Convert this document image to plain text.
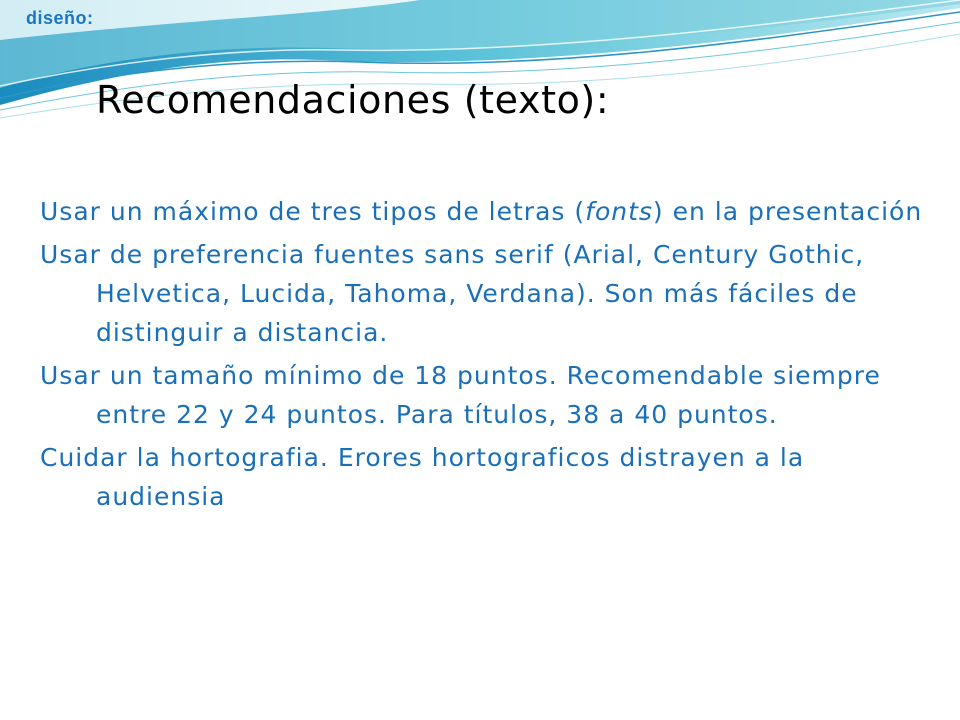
diseño:
Recomendaciones (texto):

Usar un máximo de tres tipos de letras (fonts) en la presentación

Usar de preferencia fuentes sans serif (Arial, Century Gothic, Helvetica, Lucida, Tahoma, Verdana). Son más fáciles de distinguir a distancia.

Usar un tamaño mínimo de 18 puntos. Recomendable siempre entre 22 y 24 puntos. Para títulos, 38 a 40 puntos.

Cuidar la hortografia. Erores hortograficos distrayen a la audiensia
